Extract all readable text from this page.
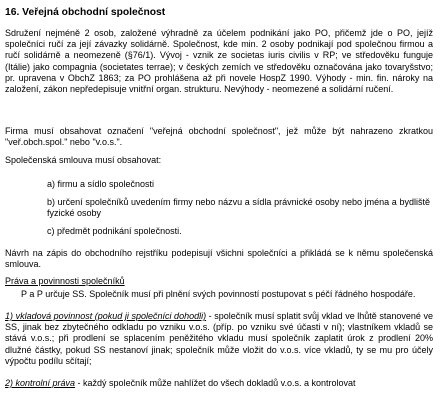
16. Veřejná obchodní společnost
Sdružení nejméně 2 osob, založené výhradně za účelem podnikání jako PO, přičemž jde o PO, jejíž společníci ručí za její závazky solidárně. Společnost, kde min. 2 osoby podnikají pod společnou firmou a ručí solidárně a neomezeně (§76/1). Vývoj - vznik ze societas iuris civilis v RP; ve středověku funguje (Itálie) jako compagnia (societates terrae); v českých zemích ve středověku označována jako tovaryšstvo; pr. upravena v ObchZ 1863; za PO prohlášena až při novele HospZ 1990. Výhody - min. fin. nároky na založení, zákon nepředepisuje vnitřní organ. strukturu. Nevýhody - neomezené a solidární ručení.
Firma musí obsahovat označení "veřejná obchodní společnost", jež může být nahrazeno zkratkou "veř.obch.spol." nebo "v.o.s.".
Společenská smlouva musí obsahovat:
a) firmu a sídlo společnosti
b) určení společníků uvedením firmy nebo názvu a sídla právnické osoby nebo jména a bydliště fyzické osoby
c) předmět podnikání společnosti.
Návrh na zápis do obchodního rejstříku podepisují všichni společníci a přikládá se k němu společenská smlouva.
Práva a povinnosti společníků
P a P určuje SS. Společník musí při plnění svých povinností postupovat s péčí řádného hospodáře.
1) vkladová povinnost (pokud ji společníci dohodli) - společník musí splatit svůj vklad ve lhůtě stanovené ve SS, jinak bez zbytečného odkladu po vzniku v.o.s. (příp. po vzniku své účasti v ní); vlastníkem vkladů se stává v.o.s.; při prodlení se splacením peněžitého vkladu musí společník zaplatit úrok z prodlení 20% dlužné částky, pokud SS nestanoví jinak; společník může vložit do v.o.s. více vkladů, ty se mu pro účely výpočtu podílu sčítají;
2) kontrolní práva - každý společník může nahlížet do všech dokladů v.o.s. a kontrolovat
